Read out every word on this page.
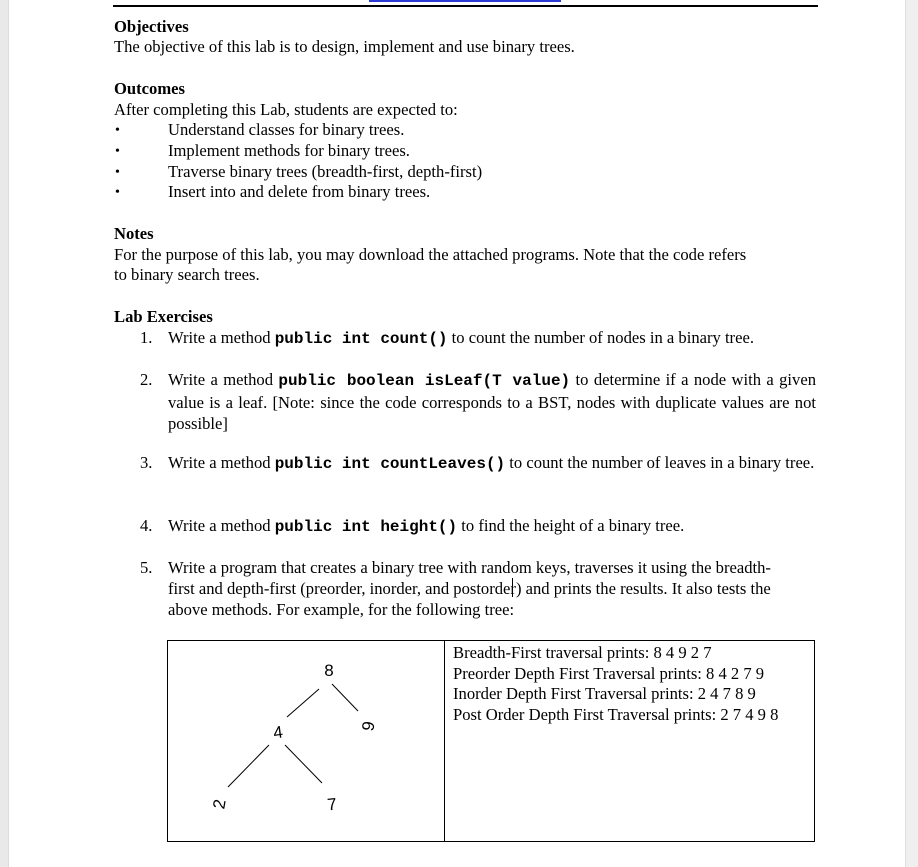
Objectives
The objective of this lab is to design, implement and use binary trees.
Outcomes
After completing this Lab, students are expected to:
•	Understand classes for binary trees.
•	Implement methods for binary trees.
•	Traverse binary trees (breadth-first, depth-first)
•	Insert into and delete from binary trees.
Notes
For the purpose of this lab, you may download the attached programs. Note that the code refers
to binary search trees.
Lab Exercises
1. Write a method public int count() to count the number of nodes in a binary tree.
2. Write a method public boolean isLeaf(T value) to determine if a node with a given value is a leaf. [Note: since the code corresponds to a BST, nodes with duplicate values are not possible]
3. Write a method public int countLeaves() to count the number of leaves in a binary tree.
4. Write a method public int height() to find the height of a binary tree.
5. Write a program that creates a binary tree with random keys, traverses it using the breadth-
first and depth-first (preorder, inorder, and postorder) and prints the results. It also tests the
above methods. For example, for the following tree:
8
4	9
2	7
Breadth-First traversal prints: 8 4 9 2 7
Preorder Depth First Traversal prints: 8 4 2 7 9
Inorder Depth First Traversal prints: 2 4 7 8 9
Post Order Depth First Traversal prints: 2 7 4 9 8
